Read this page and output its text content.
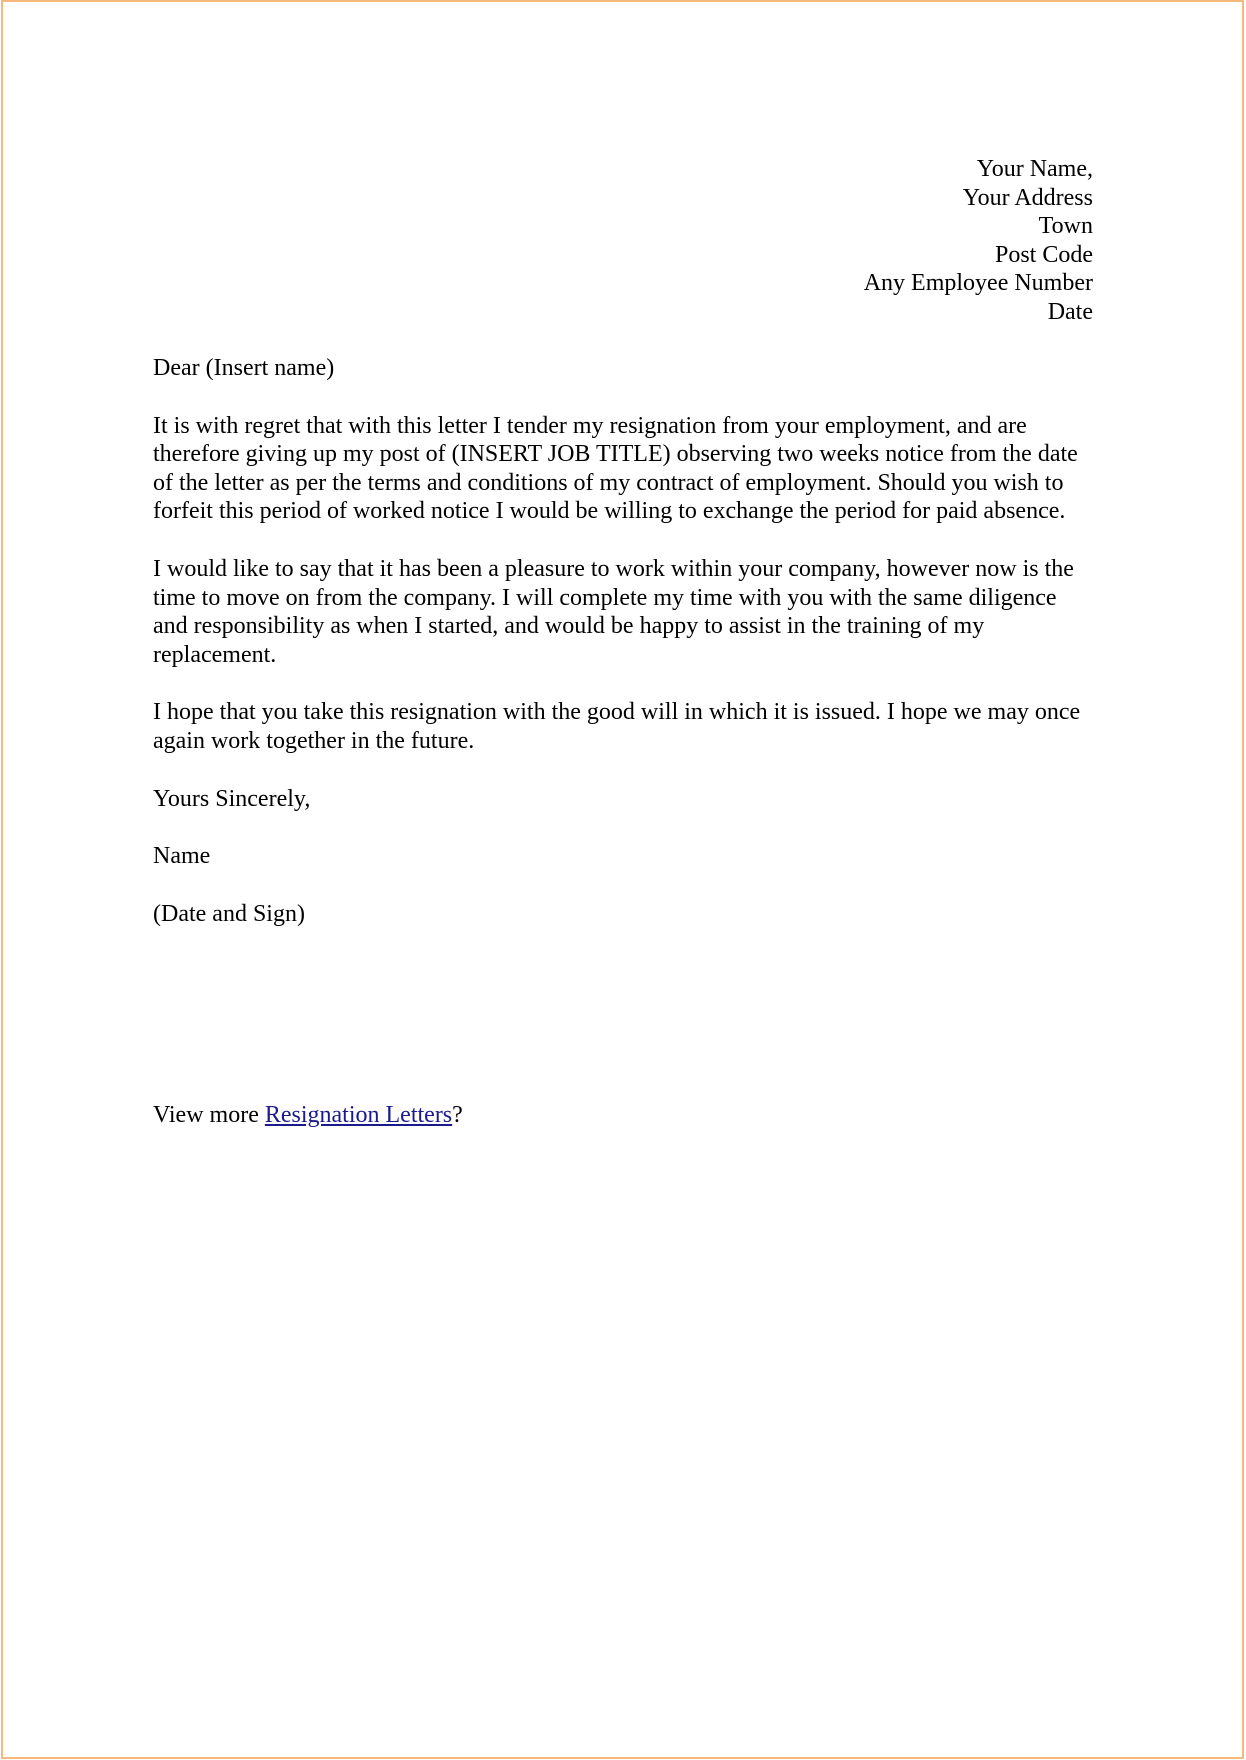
Your Name,
Your Address
Town
Post Code
Any Employee Number
Date

Dear (Insert name)

It is with regret that with this letter I tender my resignation from your employment, and are therefore giving up my post of (INSERT JOB TITLE) observing two weeks notice from the date of the letter as per the terms and conditions of my contract of employment. Should you wish to forfeit this period of worked notice I would be willing to exchange the period for paid absence.

I would like to say that it has been a pleasure to work within your company, however now is the time to move on from the company. I will complete my time with you with the same diligence and responsibility as when I started, and would be happy to assist in the training of my replacement.

I hope that you take this resignation with the good will in which it is issued. I hope we may once again work together in the future.

Yours Sincerely,

Name

(Date and Sign)

View more Resignation Letters?
